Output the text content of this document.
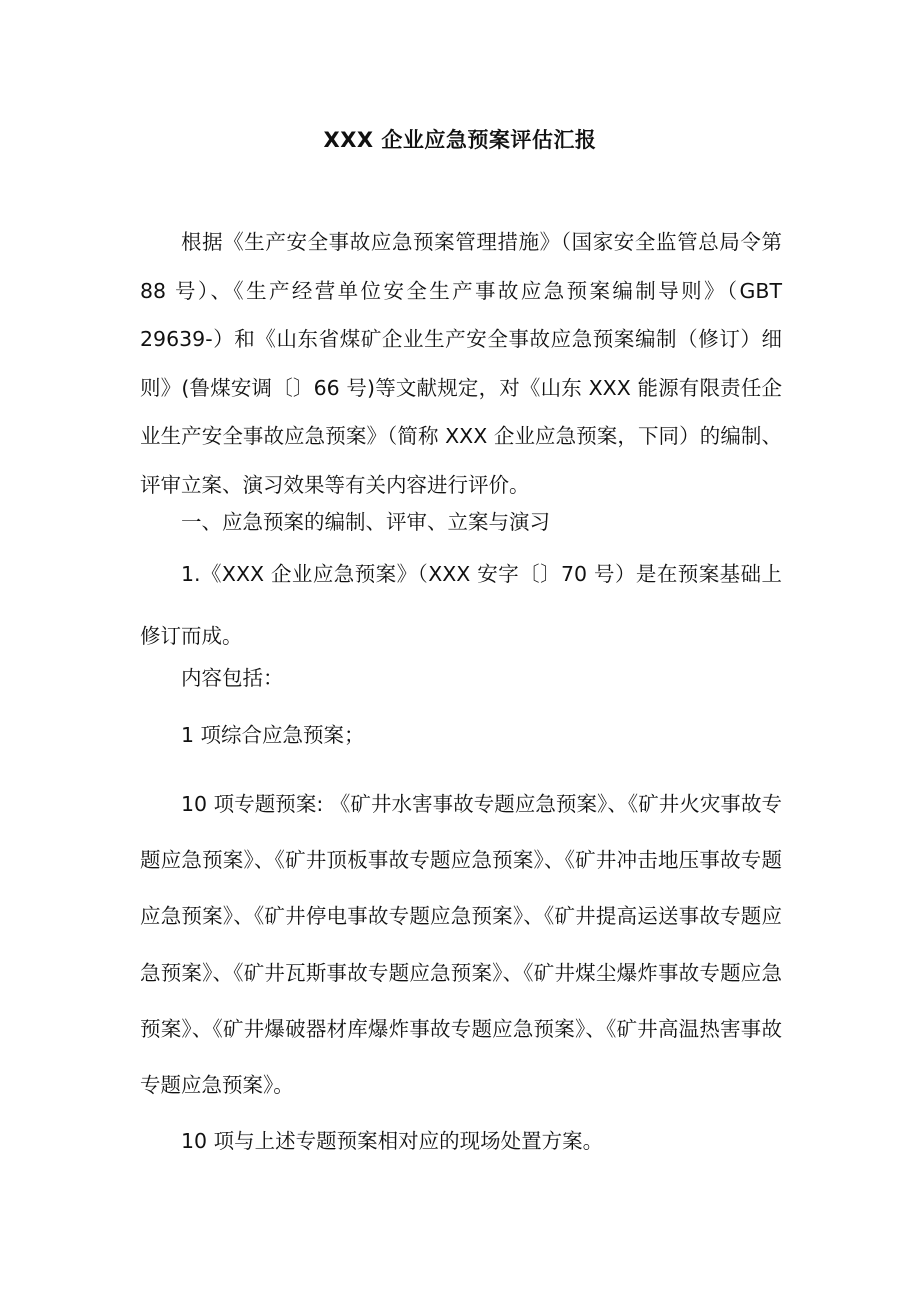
XXX 企业应急预案评估汇报

根据《生产安全事故应急预案管理措施》（国家安全监管总局令第 88 号）、《生产经营单位安全生产事故应急预案编制导则》（GBT 29639-）和《山东省煤矿企业生产安全事故应急预案编制（修订）细则》(鲁煤安调〔〕66 号)等文献规定，对《山东 XXX 能源有限责任企业生产安全事故应急预案》（简称 XXX 企业应急预案，下同）的编制、评审立案、演习效果等有关内容进行评价。

一、应急预案的编制、评审、立案与演习

1.《XXX 企业应急预案》（XXX 安字〔〕70 号）是在预案基础上修订而成。

内容包括：

1 项综合应急预案；

10 项专题预案: 《矿井水害事故专题应急预案》、《矿井火灾事故专题应急预案》、《矿井顶板事故专题应急预案》、《矿井冲击地压事故专题应急预案》、《矿井停电事故专题应急预案》、《矿井提高运送事故专题应急预案》、《矿井瓦斯事故专题应急预案》、《矿井煤尘爆炸事故专题应急预案》、《矿井爆破器材库爆炸事故专题应急预案》、《矿井高温热害事故专题应急预案》。

10 项与上述专题预案相对应的现场处置方案。
